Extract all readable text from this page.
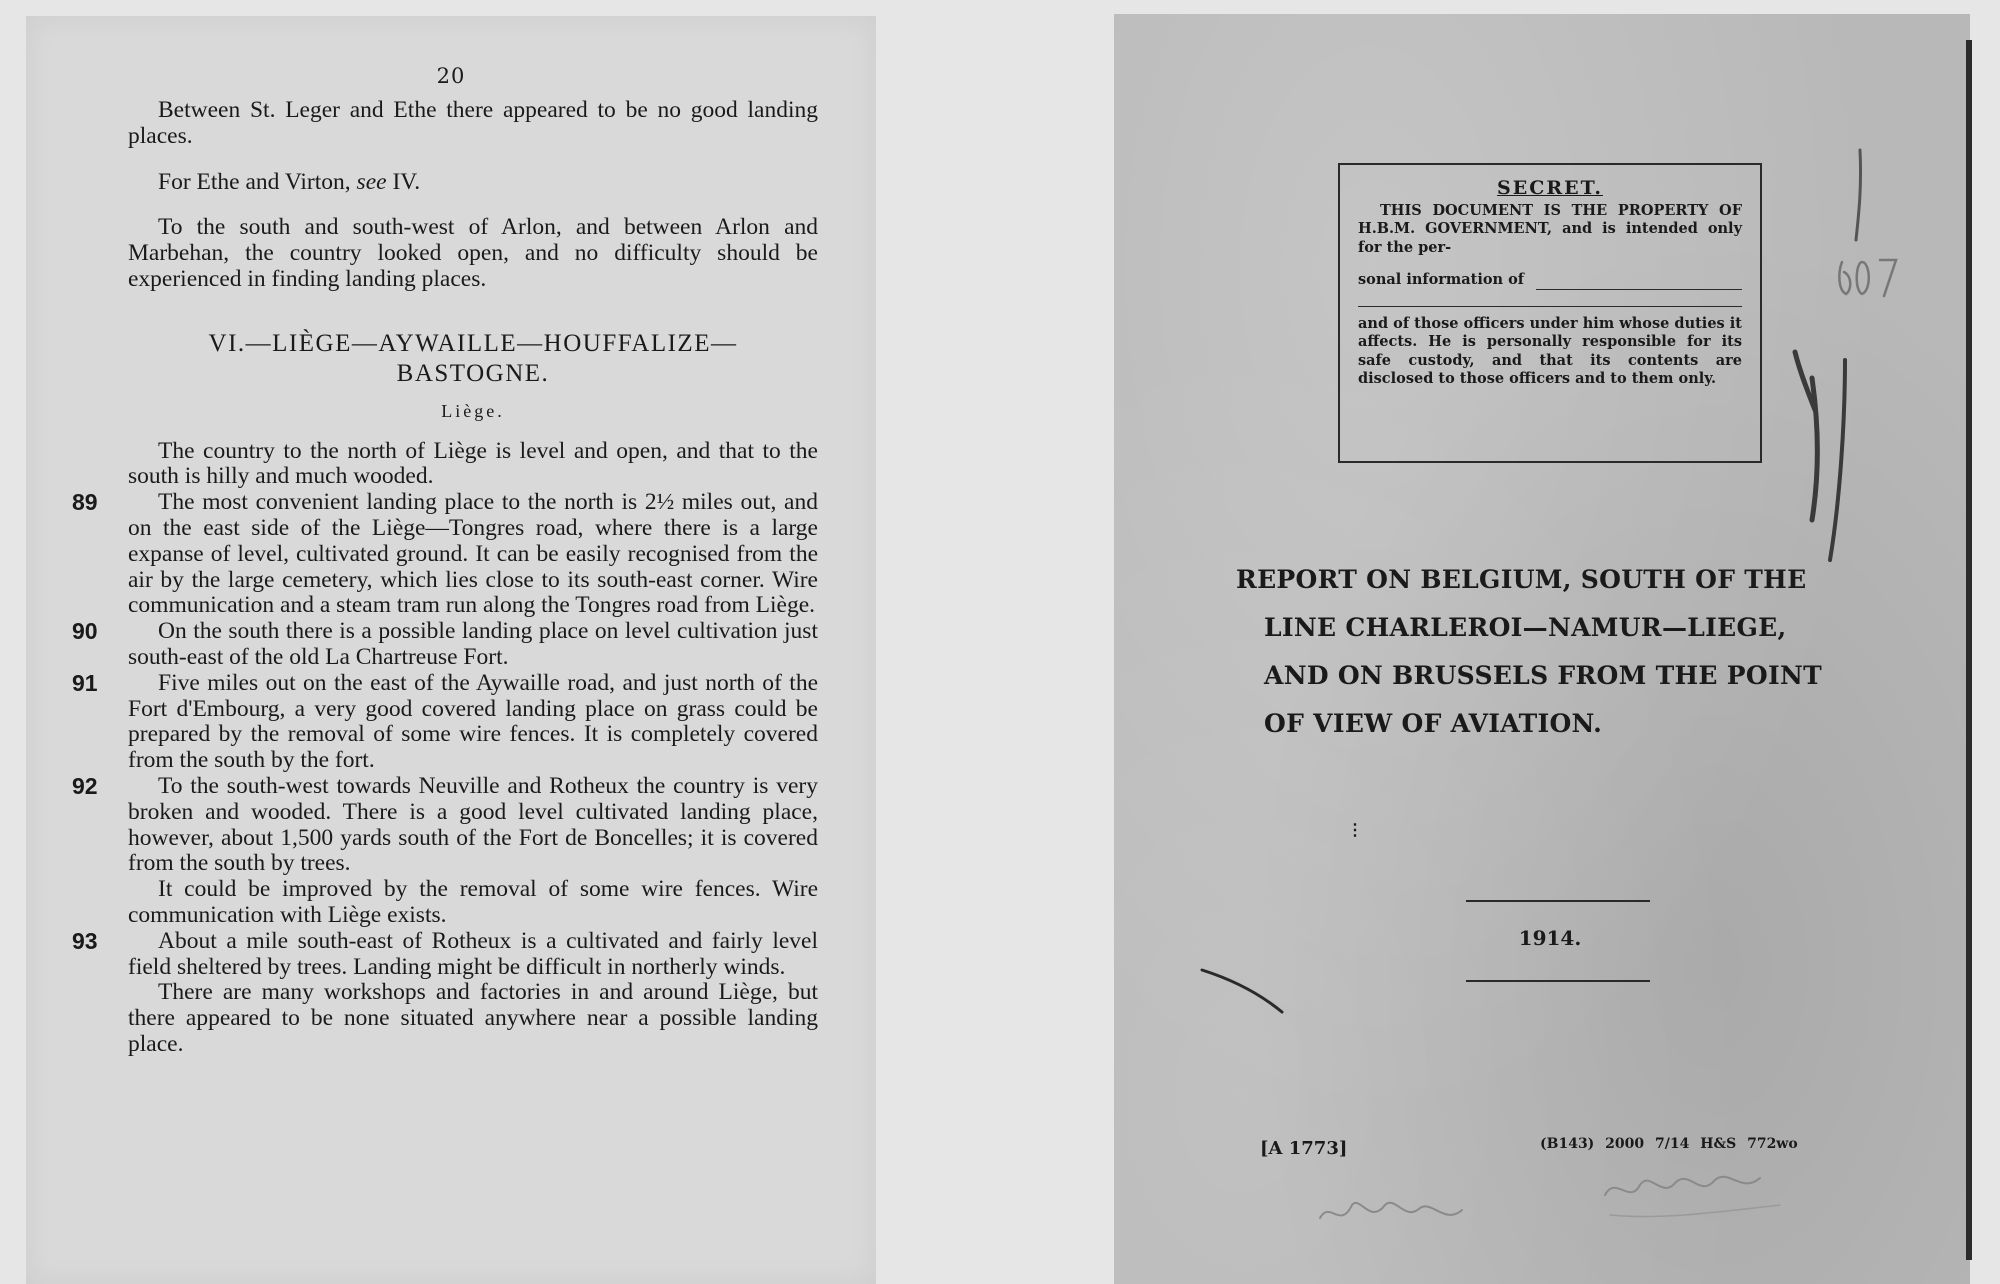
20

Between St. Leger and Ethe there appeared to be no good landing places.

For Ethe and Virton, see IV.

To the south and south-west of Arlon, and between Arlon and Marbehan, the country looked open, and no difficulty should be experienced in finding landing places.

VI.—LIÈGE—AYWAILLE—HOUFFALIZE—
BASTOGNE.
Liège.

The country to the north of Liège is level and open, and that to the south is hilly and much wooded.

89	The most convenient landing place to the north is 2½ miles out, and on the east side of the Liège—Tongres road, where there is a large expanse of level, cultivated ground. It can be easily recognised from the air by the large cemetery, which lies close to its south-east corner. Wire communication and a steam tram run along the Tongres road from Liège.

90	On the south there is a possible landing place on level cultivation just south-east of the old La Chartreuse Fort.

91	Five miles out on the east of the Aywaille road, and just north of the Fort d'Embourg, a very good covered landing place on grass could be prepared by the removal of some wire fences. It is completely covered from the south by the fort.

92	To the south-west towards Neuville and Rotheux the country is very broken and wooded. There is a good level cultivated landing place, however, about 1,500 yards south of the Fort de Boncelles; it is covered from the south by trees.

It could be improved by the removal of some wire fences. Wire communication with Liège exists.

93	About a mile south-east of Rotheux is a cultivated and fairly level field sheltered by trees. Landing might be difficult in northerly winds.

There are many workshops and factories in and around Liège, but there appeared to be none situated anywhere near a possible landing place.

SECRET.

THIS DOCUMENT IS THE PROPERTY OF H.B.M. GOVERNMENT, and is intended only for the per-

sonal information of

and of those officers under him whose duties it affects. He is personally responsible for its safe custody, and that its contents are disclosed to those officers and to them only.

REPORT ON BELGIUM, SOUTH OF THE
LINE CHARLEROI—NAMUR—LIEGE,
AND ON BRUSSELS FROM THE POINT
OF VIEW OF AVIATION.
⋮
1914.
[A 1773]	(B143) 2000 7/14 H&S 772wo
